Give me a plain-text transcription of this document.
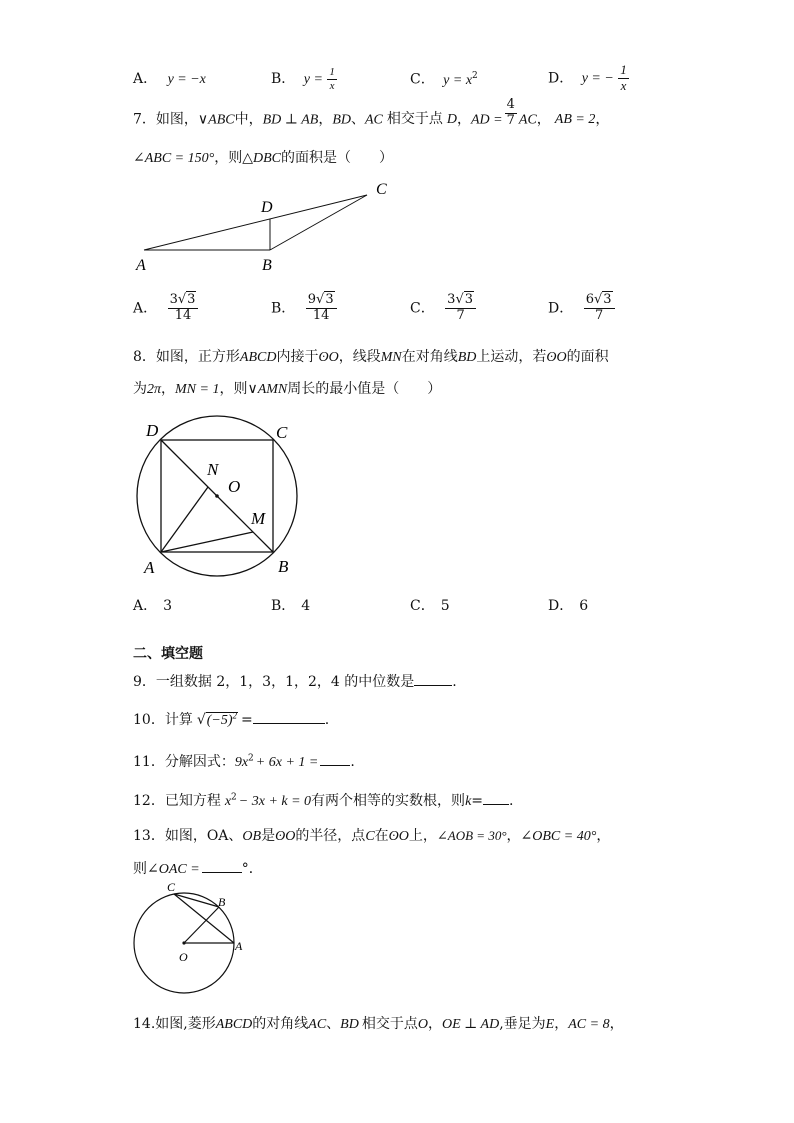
A． y = −x	B． $y = \frac{1}{x}$	C． $y = x^2$	D． y = − $\frac{1}{x}$
7．如图，∨ABC中，BD ⊥ AB，BD、AC 相交于点 D，AD = $\frac{4}{7}$ AC， AB = 2，
∠ABC = 150°，则△DBC的面积是（　　）
A	B
C
D
A． $\frac{3√3}{14}$	B． $\frac{9√3}{14}$	C． $\frac{3√3}{7}$	D． $\frac{6√3}{7}$
8．如图，正方形ABCD内接于ʘO，线段MN在对角线BD上运动，若ʘO的面积
为2π，MN = 1，则∨AMN周长的最小值是（　　）
D	C
A	B
N
O
M
A． 3	B． 4	C． 5	D． 6
二、填空题
9．一组数据 2，1，3，1，2，4 的中位数是	.
10．计算 $√(-5)^2$ =	.
11．分解因式：$9x^2 + 6x + 1$ = .
12．已知方程 $x^2 - 3x + k = 0$有两个相等的实数根，则k= .
13．如图，OA、OB是ʘO的半径，点C在ʘO上，∠AOB = 30°，∠OBC = 40°，
则∠OAC =	°．
C
B
O
A
14.如图,菱形ABCD的对角线AC、BD 相交于点O，OE ⊥ AD,垂足为E，AC = 8，
